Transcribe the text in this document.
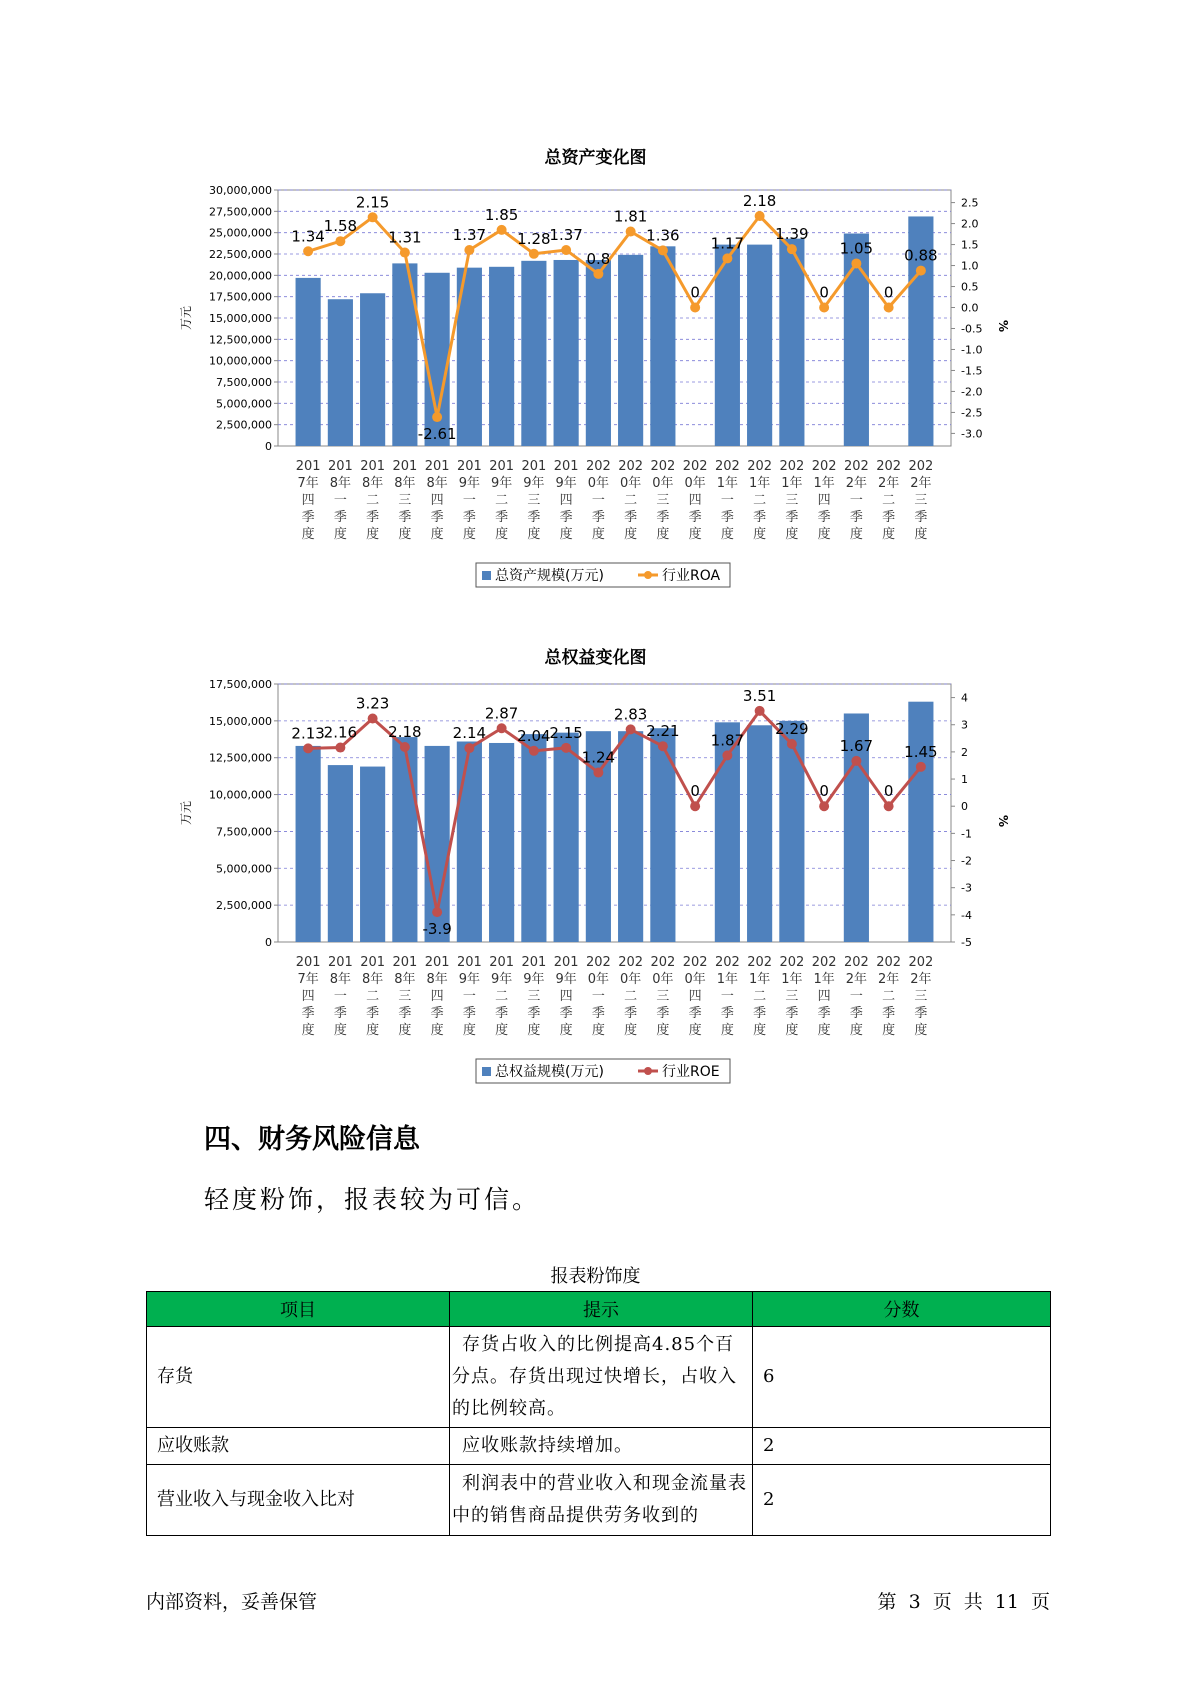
总资产变化图
0
2,500,000
5,000,000
7,500,000
10,000,000
12,500,000
15,000,000
17,500,000
20,000,000
22,500,000
25,000,000
27,500,000
30,000,000
-3.0
-2.5
-2.0
-1.5
-1.0
-0.5
0.0
0.5
1.0
1.5
2.0
2.5
万元	%
1.34
1.58
2.15
1.31
-2.61
1.37
1.85
1.28
1.37
0.8
1.81
1.36
0
1.17
2.18
1.39
0
1.05
0
0.88
201 7年四季度
201 8年一季度
201 8年二季度
201 8年三季度
201 8年四季度
201 9年一季度
201 9年二季度
201 9年三季度
201 9年四季度
202 0年一季度
202 0年二季度
202 0年三季度
202 0年四季度
202 1年一季度
202 1年二季度
202 1年三季度
202 1年四季度
202 2年一季度
202 2年二季度
202 2年三季度
总资产规模(万元)	行业ROA
总权益变化图
0
2,500,000
5,000,000
7,500,000
10,000,000
12,500,000
15,000,000
17,500,000
-5
-4
-3
-2
-1
0
1
2
3
4
万元	%
2.13
2.16
3.23
2.18
-3.9
2.14
2.87
2.04
2.15
1.24
2.83
2.21
0
1.87
3.51
2.29
0
1.67
0
1.45
201 7年四季度
201 8年一季度
201 8年二季度
201 8年三季度
201 8年四季度
201 9年一季度
201 9年二季度
201 9年三季度
201 9年四季度
202 0年一季度
202 0年二季度
202 0年三季度
202 0年四季度
202 1年一季度
202 1年二季度
202 1年三季度
202 1年四季度
202 2年一季度
202 2年二季度
202 2年三季度
总权益规模(万元)	行业ROE
四、财务风险信息
轻度粉饰，报表较为可信。
报表粉饰度
项目	提示	分数
存货	存货占收入的比例提高4.85个百分点。存货出现过快增长，占收入的比例较高。	6
应收账款	应收账款持续增加。	2
营业收入与现金收入比对	利润表中的营业收入和现金流量表中的销售商品提供劳务收到的	2
内部资料，妥善保管	第 3 页 共 11 页
